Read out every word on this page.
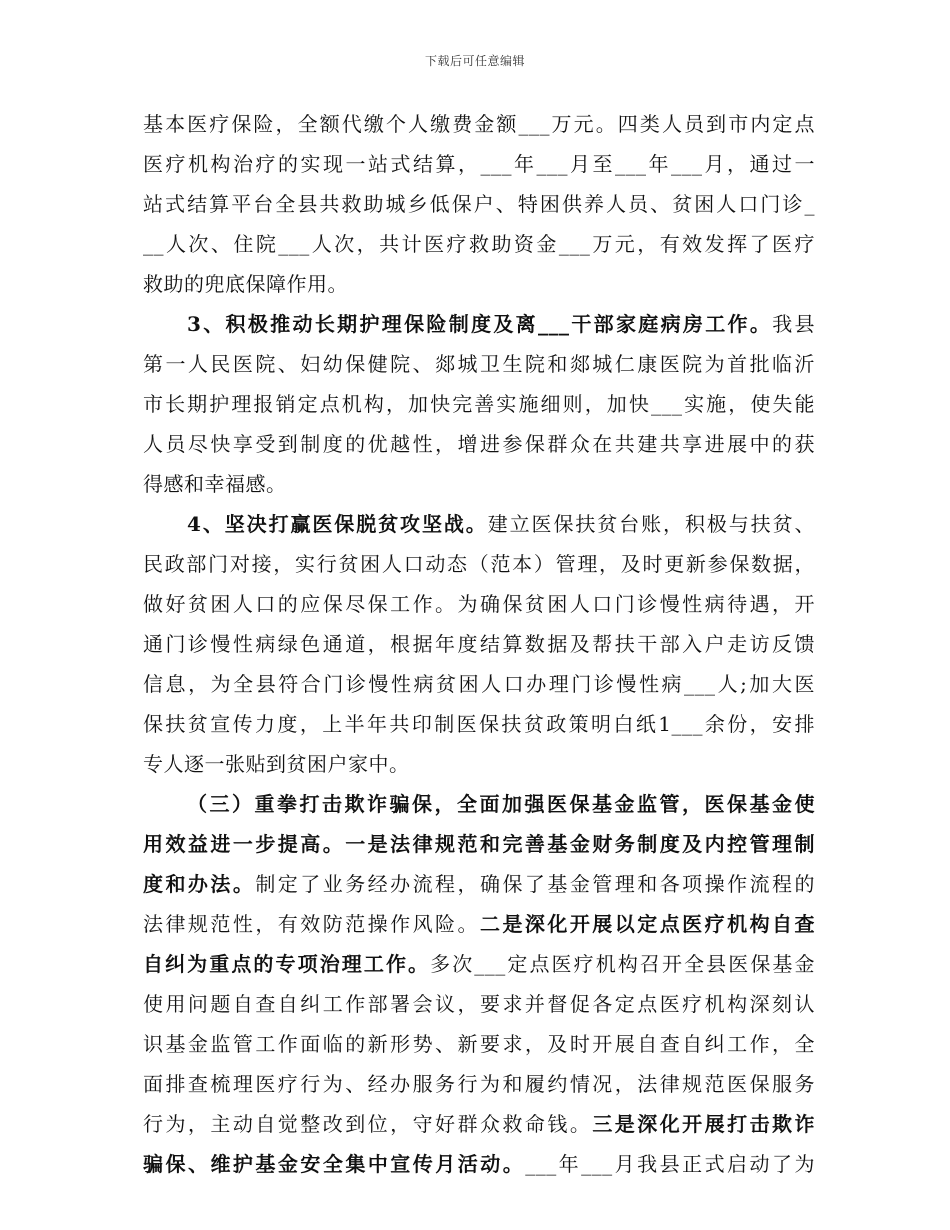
下载后可任意编辑
基本医疗保险，全额代缴个人缴费金额___万元。四类人员到市内定点
医疗机构治疗的实现一站式结算，___年___月至___年___月，通过一
站式结算平台全县共救助城乡低保户、特困供养人员、贫困人口门诊_
__人次、住院___人次，共计医疗救助资金___万元，有效发挥了医疗
救助的兜底保障作用。
3、积极推动长期护理保险制度及离___干部家庭病房工作。我县
第一人民医院、妇幼保健院、郯城卫生院和郯城仁康医院为首批临沂
市长期护理报销定点机构，加快完善实施细则，加快___实施，使失能
人员尽快享受到制度的优越性，增进参保群众在共建共享进展中的获
得感和幸福感。
4、坚决打赢医保脱贫攻坚战。建立医保扶贫台账，积极与扶贫、
民政部门对接，实行贫困人口动态（范本）管理，及时更新参保数据，
做好贫困人口的应保尽保工作。为确保贫困人口门诊慢性病待遇，开
通门诊慢性病绿色通道，根据年度结算数据及帮扶干部入户走访反馈
信息，为全县符合门诊慢性病贫困人口办理门诊慢性病___人;加大医
保扶贫宣传力度，上半年共印制医保扶贫政策明白纸1___余份，安排
专人逐一张贴到贫困户家中。
（三）重拳打击欺诈骗保，全面加强医保基金监管，医保基金使
用效益进一步提高。一是法律规范和完善基金财务制度及内控管理制
度和办法。制定了业务经办流程，确保了基金管理和各项操作流程的
法律规范性，有效防范操作风险。二是深化开展以定点医疗机构自查
自纠为重点的专项治理工作。多次___定点医疗机构召开全县医保基金
使用问题自查自纠工作部署会议，要求并督促各定点医疗机构深刻认
识基金监管工作面临的新形势、新要求，及时开展自查自纠工作，全
面排查梳理医疗行为、经办服务行为和履约情况，法律规范医保服务
行为，主动自觉整改到位，守好群众救命钱。三是深化开展打击欺诈
骗保、维护基金安全集中宣传月活动。___年___月我县正式启动了为
